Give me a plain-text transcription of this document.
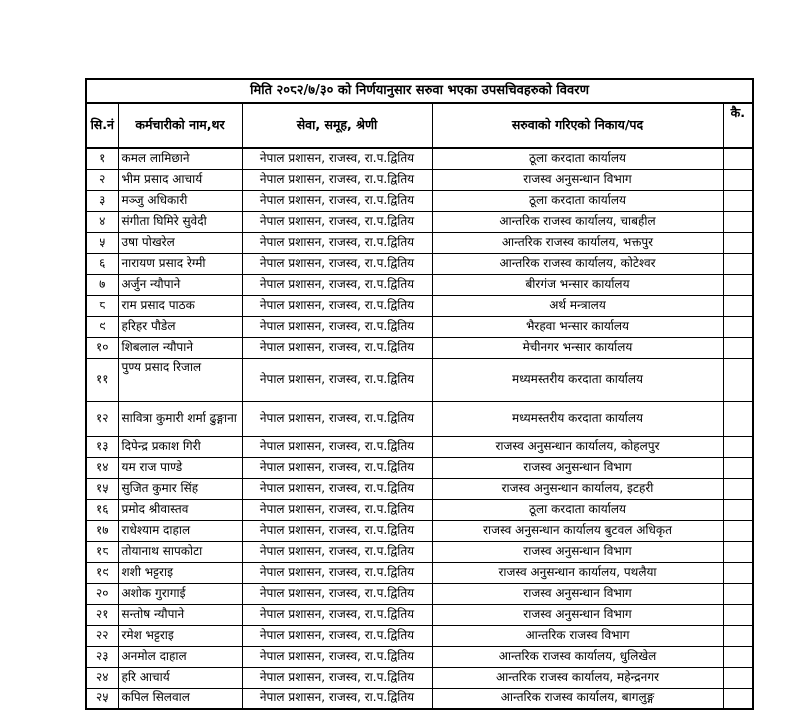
मिति २०८२/७/३० को निर्णयानुसार सरुवा भएका उपसचिवहरुको विवरण				
सि.नं	कर्मचारीको नाम,थर	सेवा, समूह, श्रेणी	सरुवाको गरिएको निकाय/पद	कै.
१	कमल लामिछाने	नेपाल प्रशासन, राजस्व, रा.प.द्वितिय	ठूला करदाता कार्यालय	
२	भीम प्रसाद आचार्य	नेपाल प्रशासन, राजस्व, रा.प.द्वितिय	राजस्व अनुसन्धान विभाग	
३	मञ्जु अधिकारी	नेपाल प्रशासन, राजस्व, रा.प.द्वितिय	ठूला करदाता कार्यालय	
४	संगीता घिमिरे सुवेदी	नेपाल प्रशासन, राजस्व, रा.प.द्वितिय	आन्तरिक राजस्व कार्यालय, चाबहील	
५	उषा पोखरेल	नेपाल प्रशासन, राजस्व, रा.प.द्वितिय	आन्तरिक राजस्व कार्यालय, भक्तपुर	
६	नारायण प्रसाद रेग्मी	नेपाल प्रशासन, राजस्व, रा.प.द्वितिय	आन्तरिक राजस्व कार्यालय, कोटेश्वर	
७	अर्जुन न्यौपाने	नेपाल प्रशासन, राजस्व, रा.प.द्वितिय	बीरगंज भन्सार कार्यालय	
८	राम प्रसाद पाठक	नेपाल प्रशासन, राजस्व, रा.प.द्वितिय	अर्थ मन्त्रालय	
९	हरिहर पौडेल	नेपाल प्रशासन, राजस्व, रा.प.द्वितिय	भैरहवा भन्सार कार्यालय	
१०	शिबलाल न्यौपाने	नेपाल प्रशासन, राजस्व, रा.प.द्वितिय	मेचीनगर भन्सार कार्यालय	
११	पुण्य प्रसाद रिजाल	नेपाल प्रशासन, राजस्व, रा.प.द्वितिय	मध्यमस्तरीय करदाता कार्यालय	
१२	सावित्रा कुमारी शर्मा ढुङ्गाना	नेपाल प्रशासन, राजस्व, रा.प.द्वितिय	मध्यमस्तरीय करदाता कार्यालय	
१३	दिपेन्द्र प्रकाश गिरी	नेपाल प्रशासन, राजस्व, रा.प.द्वितिय	राजस्व अनुसन्धान कार्यालय, कोहलपुर	
१४	यम राज पाण्डे	नेपाल प्रशासन, राजस्व, रा.प.द्वितिय	राजस्व अनुसन्धान विभाग	
१५	सुजित कुमार सिंह	नेपाल प्रशासन, राजस्व, रा.प.द्वितिय	राजस्व अनुसन्धान कार्यालय, इटहरी	
१६	प्रमोद श्रीवास्तव	नेपाल प्रशासन, राजस्व, रा.प.द्वितिय	ठूला करदाता कार्यालय	
१७	राधेश्याम दाहाल	नेपाल प्रशासन, राजस्व, रा.प.द्वितिय	राजस्व अनुसन्धान कार्यालय बुटवल अधिकृत	
१८	तोयानाथ सापकोटा	नेपाल प्रशासन, राजस्व, रा.प.द्वितिय	राजस्व अनुसन्धान विभाग	
१९	शशी भट्टराइ	नेपाल प्रशासन, राजस्व, रा.प.द्वितिय	राजस्व अनुसन्धान कार्यालय, पथलैया	
२०	अशोक गुरागाई	नेपाल प्रशासन, राजस्व, रा.प.द्वितिय	राजस्व अनुसन्धान विभाग	
२१	सन्तोष न्यौपाने	नेपाल प्रशासन, राजस्व, रा.प.द्वितिय	राजस्व अनुसन्धान विभाग	
२२	रमेश भट्टराइ	नेपाल प्रशासन, राजस्व, रा.प.द्वितिय	आन्तरिक राजस्व विभाग	
२३	अनमोल दाहाल	नेपाल प्रशासन, राजस्व, रा.प.द्वितिय	आन्तरिक राजस्व कार्यालय, धुलिखेल	
२४	हरि आचार्य	नेपाल प्रशासन, राजस्व, रा.प.द्वितिय	आन्तरिक राजस्व कार्यालय, महेन्द्रनगर	
२५	कपिल सिलवाल	नेपाल प्रशासन, राजस्व, रा.प.द्वितिय	आन्तरिक राजस्व कार्यालय, बागलुङ्ग	
